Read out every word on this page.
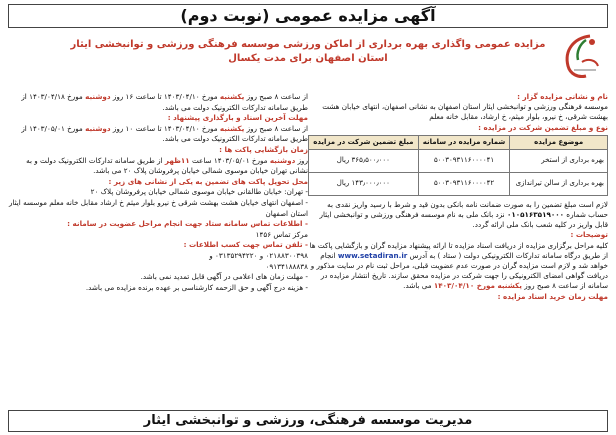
آگهی مزایده عمومی (نوبت دوم)
مزایده عمومی واگذاری بهره برداری از اماکن ورزشی موسسه فرهنگی ورزشی و توانبخشی ایثار استان اصفهان برای مدت یکسال

نام و نشانی مزایده گزار :

موسسه فرهنگی ورزشی و توانبخشی ایثار استان اصفهان به نشانی اصفهان، انتهای خیابان هشت بهشت شرقی، خ نیرو، بلوار میثم، خ ارشاد، مقابل خانه معلم

نوع و مبلغ تضمین شرکت در مزایده :

موضوع مزایده	شماره مزایده در سامانه	مبلغ تضمین شرکت در مزایده
بهره برداری از استخر	۵۰۰۳۰۹۳۱۱۶۰۰۰۰۴۱	۳۶۵٫۵۰۰٫۰۰۰ ریال
بهره برداری از سالن تیراندازی	۵۰۰۳۰۹۳۱۱۶۰۰۰۰۴۲	۱۴۳٫۰۰۰٫۰۰۰ ریال

لازم است مبلغ تضمین را به صورت ضمانت نامه بانکی بدون قید و شرط با رسید واریز نقدی به حساب شماره ۰۱۰۵۱۶۳۵۱۹۰۰۰ نزد بانک ملی به نام موسسه فرهنگی ورزشی و توانبخشی ایثار قابل واریز در کلیه شعب بانک ملی ارائه گردد.

توضیحات :

کلیه مراحل برگزاری مزایده از دریافت اسناد مزایده تا ارائه پیشنهاد مزایده گران و بازگشایی پاکت ها از طریق درگاه سامانه تدارکات الکترونیکی دولت ( ستاد ) به آدرس www.setadiran.ir انجام خواهد شد و لازم است مزایده گران در صورت عدم عضویت قبلی، مراحل ثبت نام در سایت مذکور و دریافت گواهی امضای الکترونیکی را جهت شرکت در مزایده محقق سازند. تاریخ انتشار مزایده در سامانه از ساعت ۸ صبح روز یکشنبه مورخ ۱۴۰۳/۰۴/۱۰ می باشد.

مهلت زمان خرید اسناد مزایده :

از ساعت ۸ صبح روز یکشنبه مورخ ۱۴۰۳/۰۴/۱۰ تا ساعت ۱۶ روز دوشنبه مورخ ۱۴۰۳/۰۴/۱۸ از طریق سامانه تدارکات الکترونیک دولت می باشد.

مهلت آخرین اسناد و بارگذاری پیشنهاد :

از ساعت ۸ صبح روز یکشنبه مورخ ۱۴۰۳/۰۴/۱۰ تا ساعت ۱۰ روز دوشنبه مورخ ۱۴۰۳/۰۵/۰۱ از طریق سامانه تدارکات الکترونیک دولت می باشد.

زمان بازگشایی پاکت ها :

روز دوشنبه مورخ ۱۴۰۳/۰۵/۰۱ ساعت ۱۱ظهر از طریق سامانه تدارکات الکترونیک دولت و به نشانی تهران خیابان موسوی شمالی خیابان پرفروشان پلاک ۲۰ می باشد.

محل تحویل پاکت های تضمین به یکی از نشانی های زیر :

- تهران: خیابان طالقانی خیابان موسوی شمالی خیابان پرفروشان پلاک ۲۰

- اصفهان انتهای خیابان هشت بهشت شرقی خ نیرو بلوار میثم خ ارشاد مقابل خانه معلم موسسه ایثار استان اصفهان

- اطلاعات تماس سامانه ستاد جهت انجام مراحل عضویت در سامانه :

مرکز تماس ۱۴۵۶

- تلفن تماس جهت کسب اطلاعات :

۰۲۱۸۸۳۰۰۳۹۸ و ۰۳۱۳۵۲۹۴۲۲۰ و

۰۹۱۳۴۱۸۸۸۳۸

- مهلت زمان های اعلامی در آگهی قابل تمدید نمی باشد.

- هزینه درج آگهی و حق الزحمه کارشناسی بر عهده برنده مزایده می باشد.

مدیریت موسسه فرهنگی، ورزشی و توانبخشی ایثار
